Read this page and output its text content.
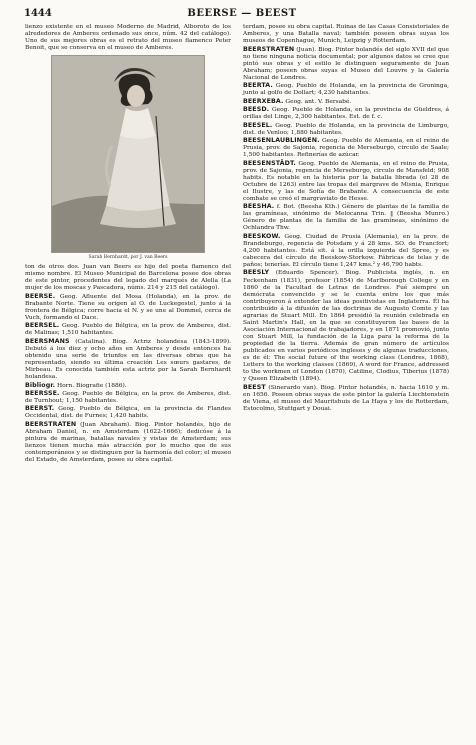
1444	BEERSE — BEEST

lienzo existente en el museo Moderno de Madrid, Alboroto de los alrededores de Amberes ordenado sus once, núm. 42 del catálogo). Uno de sus mejores obras es el retrato del museo flamenco Peter Benoit, que se conserva en el museo de Amberes.

Sarah Bernhardt, por J. van Beers

ton de otros dos. Juan van Beers es hijo del poeta flamenco del mismo nombre. El Museo Municipal de Barcelona posee dos obras de este pintor, procedentes del legado del marqués de Alella (La mujer de los moscas y Pascadora, núms. 214 y 215 del catálogo).

BEERSE. Geog. Afluente del Mosa (Holanda), en la prov. de Brabante Norte. Tiene su origen al O. de Luckegestel, junto á la frontera de Bélgica; corre hacia el N. y se une al Dommel, cerca de Vuch, formando el Dace.

BEERSEL. Geog. Pueblo de Bélgica, en la prov. de Amberes, dist. de Malinas; 1,510 habitantes.

BEERSMANS (Catalina). Biog. Actriz holandesa (1843-1899). Debutó á los diez y ocho años en Amberes y desde entonces ha obtenido una serie de triunfos en las diversas obras que ha representado, siendo su última creación Les sœurs gastares, de Mirbeau. Es conocida también esta actriz por la Sarah Bernhardt holandesa.

Bibliogr. Horn. Biografie (1886).

BEERSSE. Geog. Pueblo de Bélgica, en la prov. de Amberes, dist. de Turnhout; 1,150 habitantes.

BEERST. Geog. Pueblo de Bélgica, en la provincia de Flandes Occidental, dist. de Furnes; 1,420 habits.

BEERSTRATEN (Juan Abraham). Biog. Pintor holandés, hijo de Abraham Daniel, n. en Amsterdam (1622-1666); dedicóse á la pintura de marinas, batallas navales y vistas de Amsterdam; sus lienzos tienen mucha más atracción por lo mucho que de sus contemporáneos y se distinguen por la harmonía del color; el museo del Estado, de Amsterdam, posee su obra capital.

terdam, posee su obra capital. Ruinas de las Casas Consistoriales de Amberes, y una Batalla naval; también poseen obras suyas los museos de Copenhague, Munich, Leipzig y Rotterdam.

BEERSTRATEN (Juan). Biog. Pintor holandés del siglo XVII del que no tiene ninguna noticia documental; por algunos datos se cree que pintó sus obras y el estilo le distinguen seguramente de Juan Abraham; poseen obras suyas el Museo del Louvre y la Galería Nacional de Londres.

BEERTA. Geog. Pueblo de Holanda, en la provincia de Groninga, junto al golfo de Dollart; 4,230 habitantes.

BEERXEBA. Geog. ant. V. Bersabé.

BEESD. Geog. Pueblo de Holanda, en la provincia de Güeldres, á orillas del Linge, 2,300 habitantes. Est. de f. c.

BEESEL. Geog. Pueblo de Holanda, en la provincia de Limburgo, dist. de Venloo; 1,880 habitantes.

BEESENLAUBLINGEN. Geog. Pueblo de Alemania, en el reino de Prusia, prov. de Sajonia, regencia de Merseburgo, circulo de Saale; 1,500 habitantes. Refinerías de azúcar.

BEESENSTÄDT. Geog. Pueblo de Alemania, en el reino de Prusia, prov. de Sajonia, regencia de Merseburgo, circulo de Mansfeld; 908 habits. Es notable en la historia por la batalla librada (el 28 de Octubre de 1263) entre las tropas del margrave de Misnia, Enrique el Ilustre, y las de Sofía de Brabante. A consecuencia de este combate se creó el margraviato de Hesse.

BEESHA. f. Bot. (Beesha Kth.) Género de plantas de la familia de las gramíneas, sinónimo de Melocanna Trin. ‖ (Beesha Munro.) Género de plantas de la familia de las gramíneas, sinónimo de Ochlandra Thw.

BEESKOW. Geog. Ciudad de Prusia (Alemania), en la prov. de Brandeburgo, regencia de Potsdam y á 28 kms. SO. de Francfort; 4,200 habitantes. Está sit. á la orilla izquierda del Spree, y es cabecera del círculo de Beeskow-Storkow. Fábricas de telas y de paños; tenerías. El círculo tiene 1,247 kms.² y 46,790 habts.

BEESLY (Eduardo Spencer). Biog. Publicista inglés, n. en Feckenham (1831), profesor (1854) de Marlborough College y en 1860 de la Facultad de Letras de Londres. Fué siempre un demócrata convencido y se le cuenta entre los que más contribuyeron á extender las ideas positivistas en Inglaterra. Él ha contribuido á la difusión de las doctrinas de Augusto Comte y las agrarias de Stuart Mill. En 1864 presidió la reunión celebrada en Saint Martin's Hall, en la que se constituyeron las bases de la Asociación Internacional de trabajadores, y en 1871 promovió, junto con Stuart Mill, la fundación de la Liga para la reforma de la propiedad de la tierra. Además de gran número de artículos publicados en varios periódicos ingleses y de algunas traducciones, es de él: The social future of the working class (Londres, 1868), Letters to the working classes (1869), A word for France, addressed to the workmen of London (1870), Catiline, Clodius, Tiberius (1878) y Queen Elizabeth (1894).

BEEST (Sinerardo van). Biog. Pintor holandés, n. hacia 1610 y m. en 1656. Poseen obras suyas de este pintor la galería Liechtenstein de Viena, el museo del Mauritshuis de La Haya y los de Rotterdam, Estocolmo, Stuttgart y Douai.
